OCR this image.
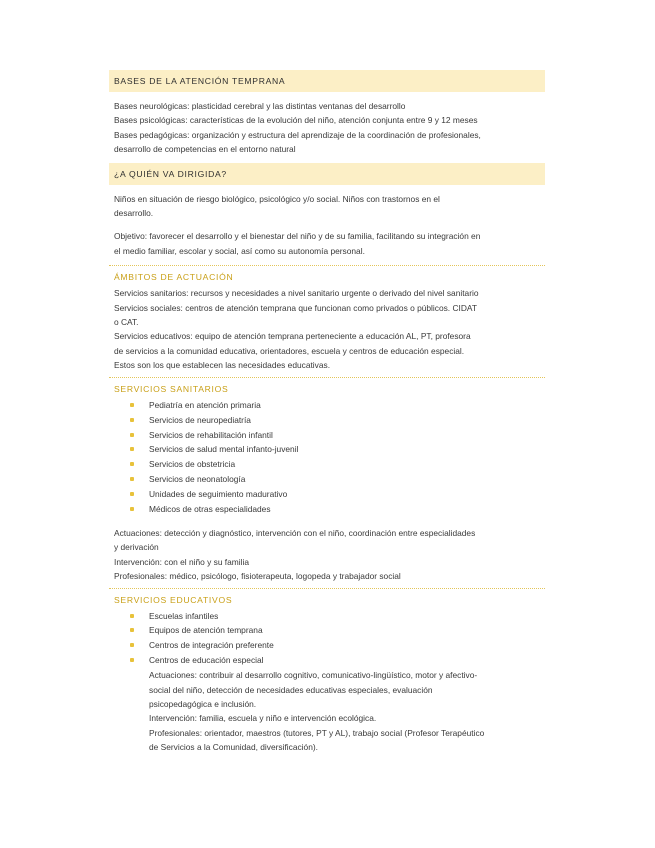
BASES DE LA ATENCIÓN TEMPRANA

Bases neurológicas: plasticidad cerebral y las distintas ventanas del desarrollo

Bases psicológicas: características de la evolución del niño, atención conjunta entre 9 y 12 meses

Bases pedagógicas: organización y estructura del aprendizaje de la coordinación de profesionales,

desarrollo de competencias en el entorno natural

¿A QUIÉN VA DIRIGIDA?

Niños en situación de riesgo biológico, psicológico y/o social. Niños con trastornos en el

desarrollo.

Objetivo: favorecer el desarrollo y el bienestar del niño y de su familia, facilitando su integración en

el medio familiar, escolar y social, así como su autonomía personal.

ÁMBITOS DE ACTUACIÓN

Servicios sanitarios: recursos y necesidades a nivel sanitario urgente o derivado del nivel sanitario

Servicios sociales: centros de atención temprana que funcionan como privados o públicos. CIDAT

o CAT.

Servicios educativos: equipo de atención temprana perteneciente a educación AL, PT, profesora

de servicios a la comunidad educativa, orientadores, escuela y centros de educación especial.

Estos son los que establecen las necesidades educativas.

SERVICIOS SANITARIOS
Pediatría en atención primaria
Servicios de neuropediatría
Servicios de rehabilitación infantil
Servicios de salud mental infanto-juvenil
Servicios de obstetricia
Servicios de neonatología
Unidades de seguimiento madurativo
Médicos de otras especialidades

Actuaciones: detección y diagnóstico, intervención con el niño, coordinación entre especialidades

y derivación

Intervención: con el niño y su familia

Profesionales: médico, psicólogo, fisioterapeuta, logopeda y trabajador social

SERVICIOS EDUCATIVOS
Escuelas infantiles
Equipos de atención temprana
Centros de integración preferente
Centros de educación especial

Actuaciones: contribuir al desarrollo cognitivo, comunicativo-lingüístico, motor y afectivo-

social del niño, detección de necesidades educativas especiales, evaluación

psicopedagógica e inclusión.

Intervención: familia, escuela y niño e intervención ecológica.

Profesionales: orientador, maestros (tutores, PT y AL), trabajo social (Profesor Terapéutico

de Servicios a la Comunidad, diversificación).
